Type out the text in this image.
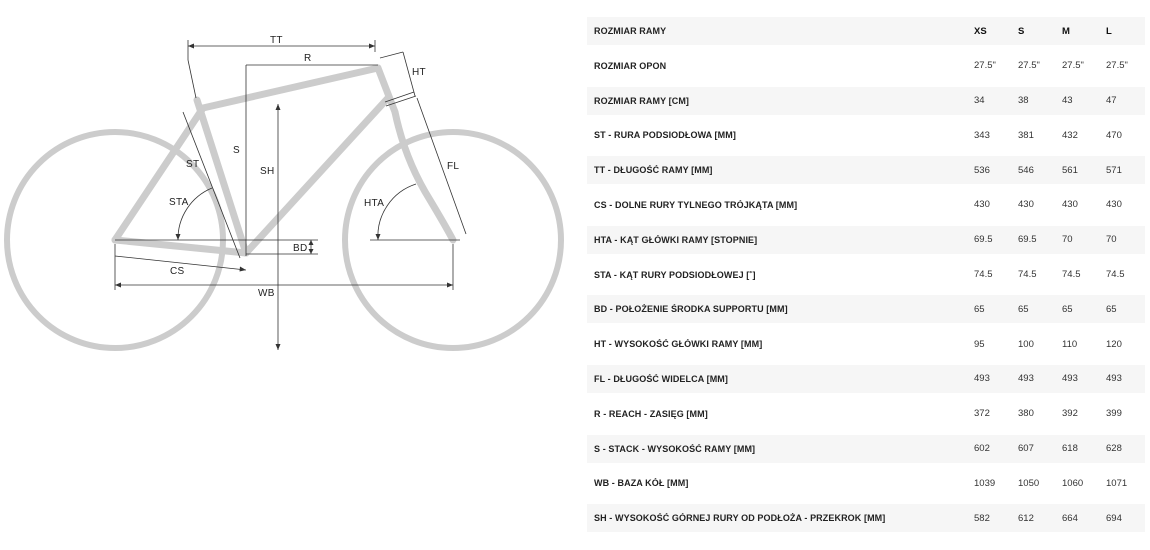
TT
R
HT
ST
S
SH	FL
STA	HTA
BD
CS
WB
ROZMIAR RAMY	XS	S	M	L
ROZMIAR OPON	27.5"	27.5"	27.5"	27.5"
ROZMIAR RAMY [CM]	34	38	43	47
ST - RURA PODSIODŁOWA [MM]	343	381	432	470
TT - DŁUGOŚĆ RAMY [MM]	536	546	561	571
CS - DOLNE RURY TYLNEGO TRÓJKĄTA [MM]	430	430	430	430
HTA - KĄT GŁÓWKI RAMY [STOPNIE]	69.5	69.5	70	70
STA - KĄT RURY PODSIODŁOWEJ [˚]	74.5	74.5	74.5	74.5
BD - POŁOŻENIE ŚRODKA SUPPORTU [MM]	65	65	65	65
HT - WYSOKOŚĆ GŁÓWKI RAMY [MM]	95	100	110	120
FL - DŁUGOŚĆ WIDELCA [MM]	493	493	493	493
R - REACH - ZASIĘG [MM]	372	380	392	399
S - STACK - WYSOKOŚĆ RAMY [MM]	602	607	618	628
WB - BAZA KÓŁ [MM]	1039	1050	1060	1071
SH - WYSOKOŚĆ GÓRNEJ RURY OD PODŁOŻA - PRZEKROK [MM]	582	612	664	694
